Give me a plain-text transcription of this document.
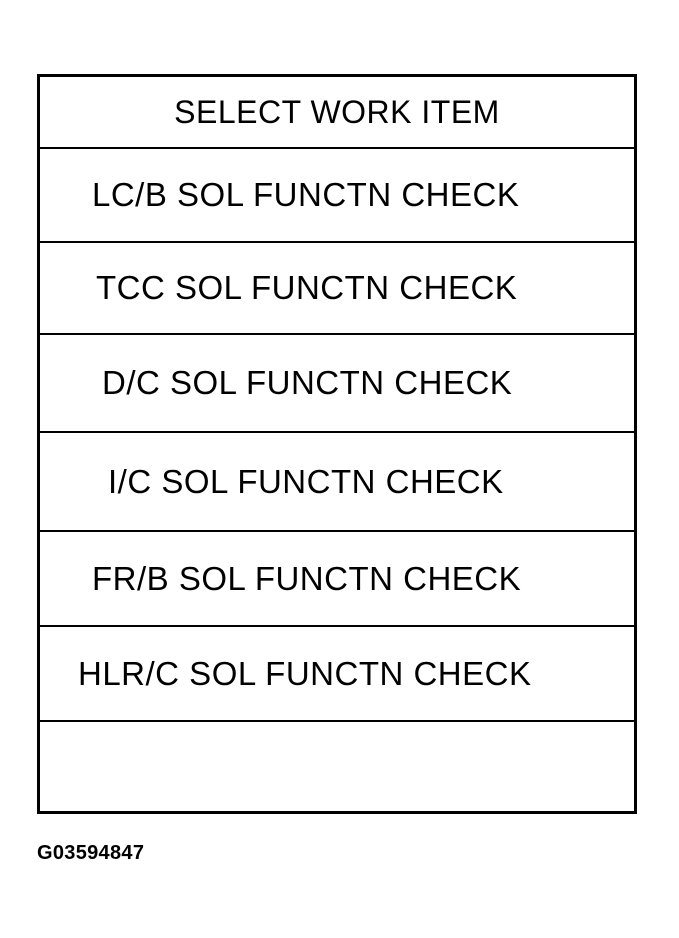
SELECT WORK ITEM
LC/B SOL FUNCTN CHECK
TCC SOL FUNCTN CHECK
D/C SOL FUNCTN CHECK
I/C SOL FUNCTN CHECK
FR/B SOL FUNCTN CHECK
HLR/C SOL FUNCTN CHECK
G03594847
